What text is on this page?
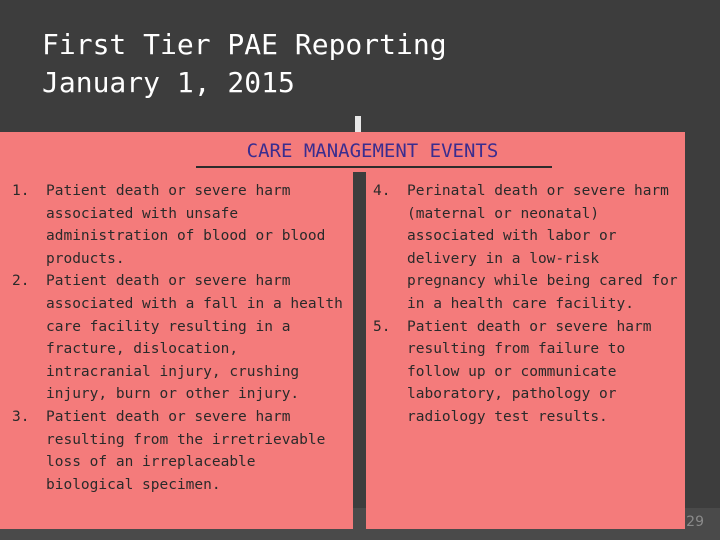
First Tier PAE Reporting
January 1, 2015
CARE MANAGEMENT EVENTS
1. Patient death or severe harm associated with unsafe administration of blood or blood products.
2. Patient death or severe harm associated with a fall in a health care facility resulting in a fracture, dislocation, intracranial injury, crushing injury, burn or other injury.
3. Patient death or severe harm resulting from the irretrievable loss of an irreplaceable biological specimen.
4. Perinatal death or severe harm (maternal or neonatal) associated with labor or delivery in a low-risk pregnancy while being cared for in a health care facility.
5. Patient death or severe harm resulting from failure to follow up or communicate laboratory, pathology or radiology test results.
29
